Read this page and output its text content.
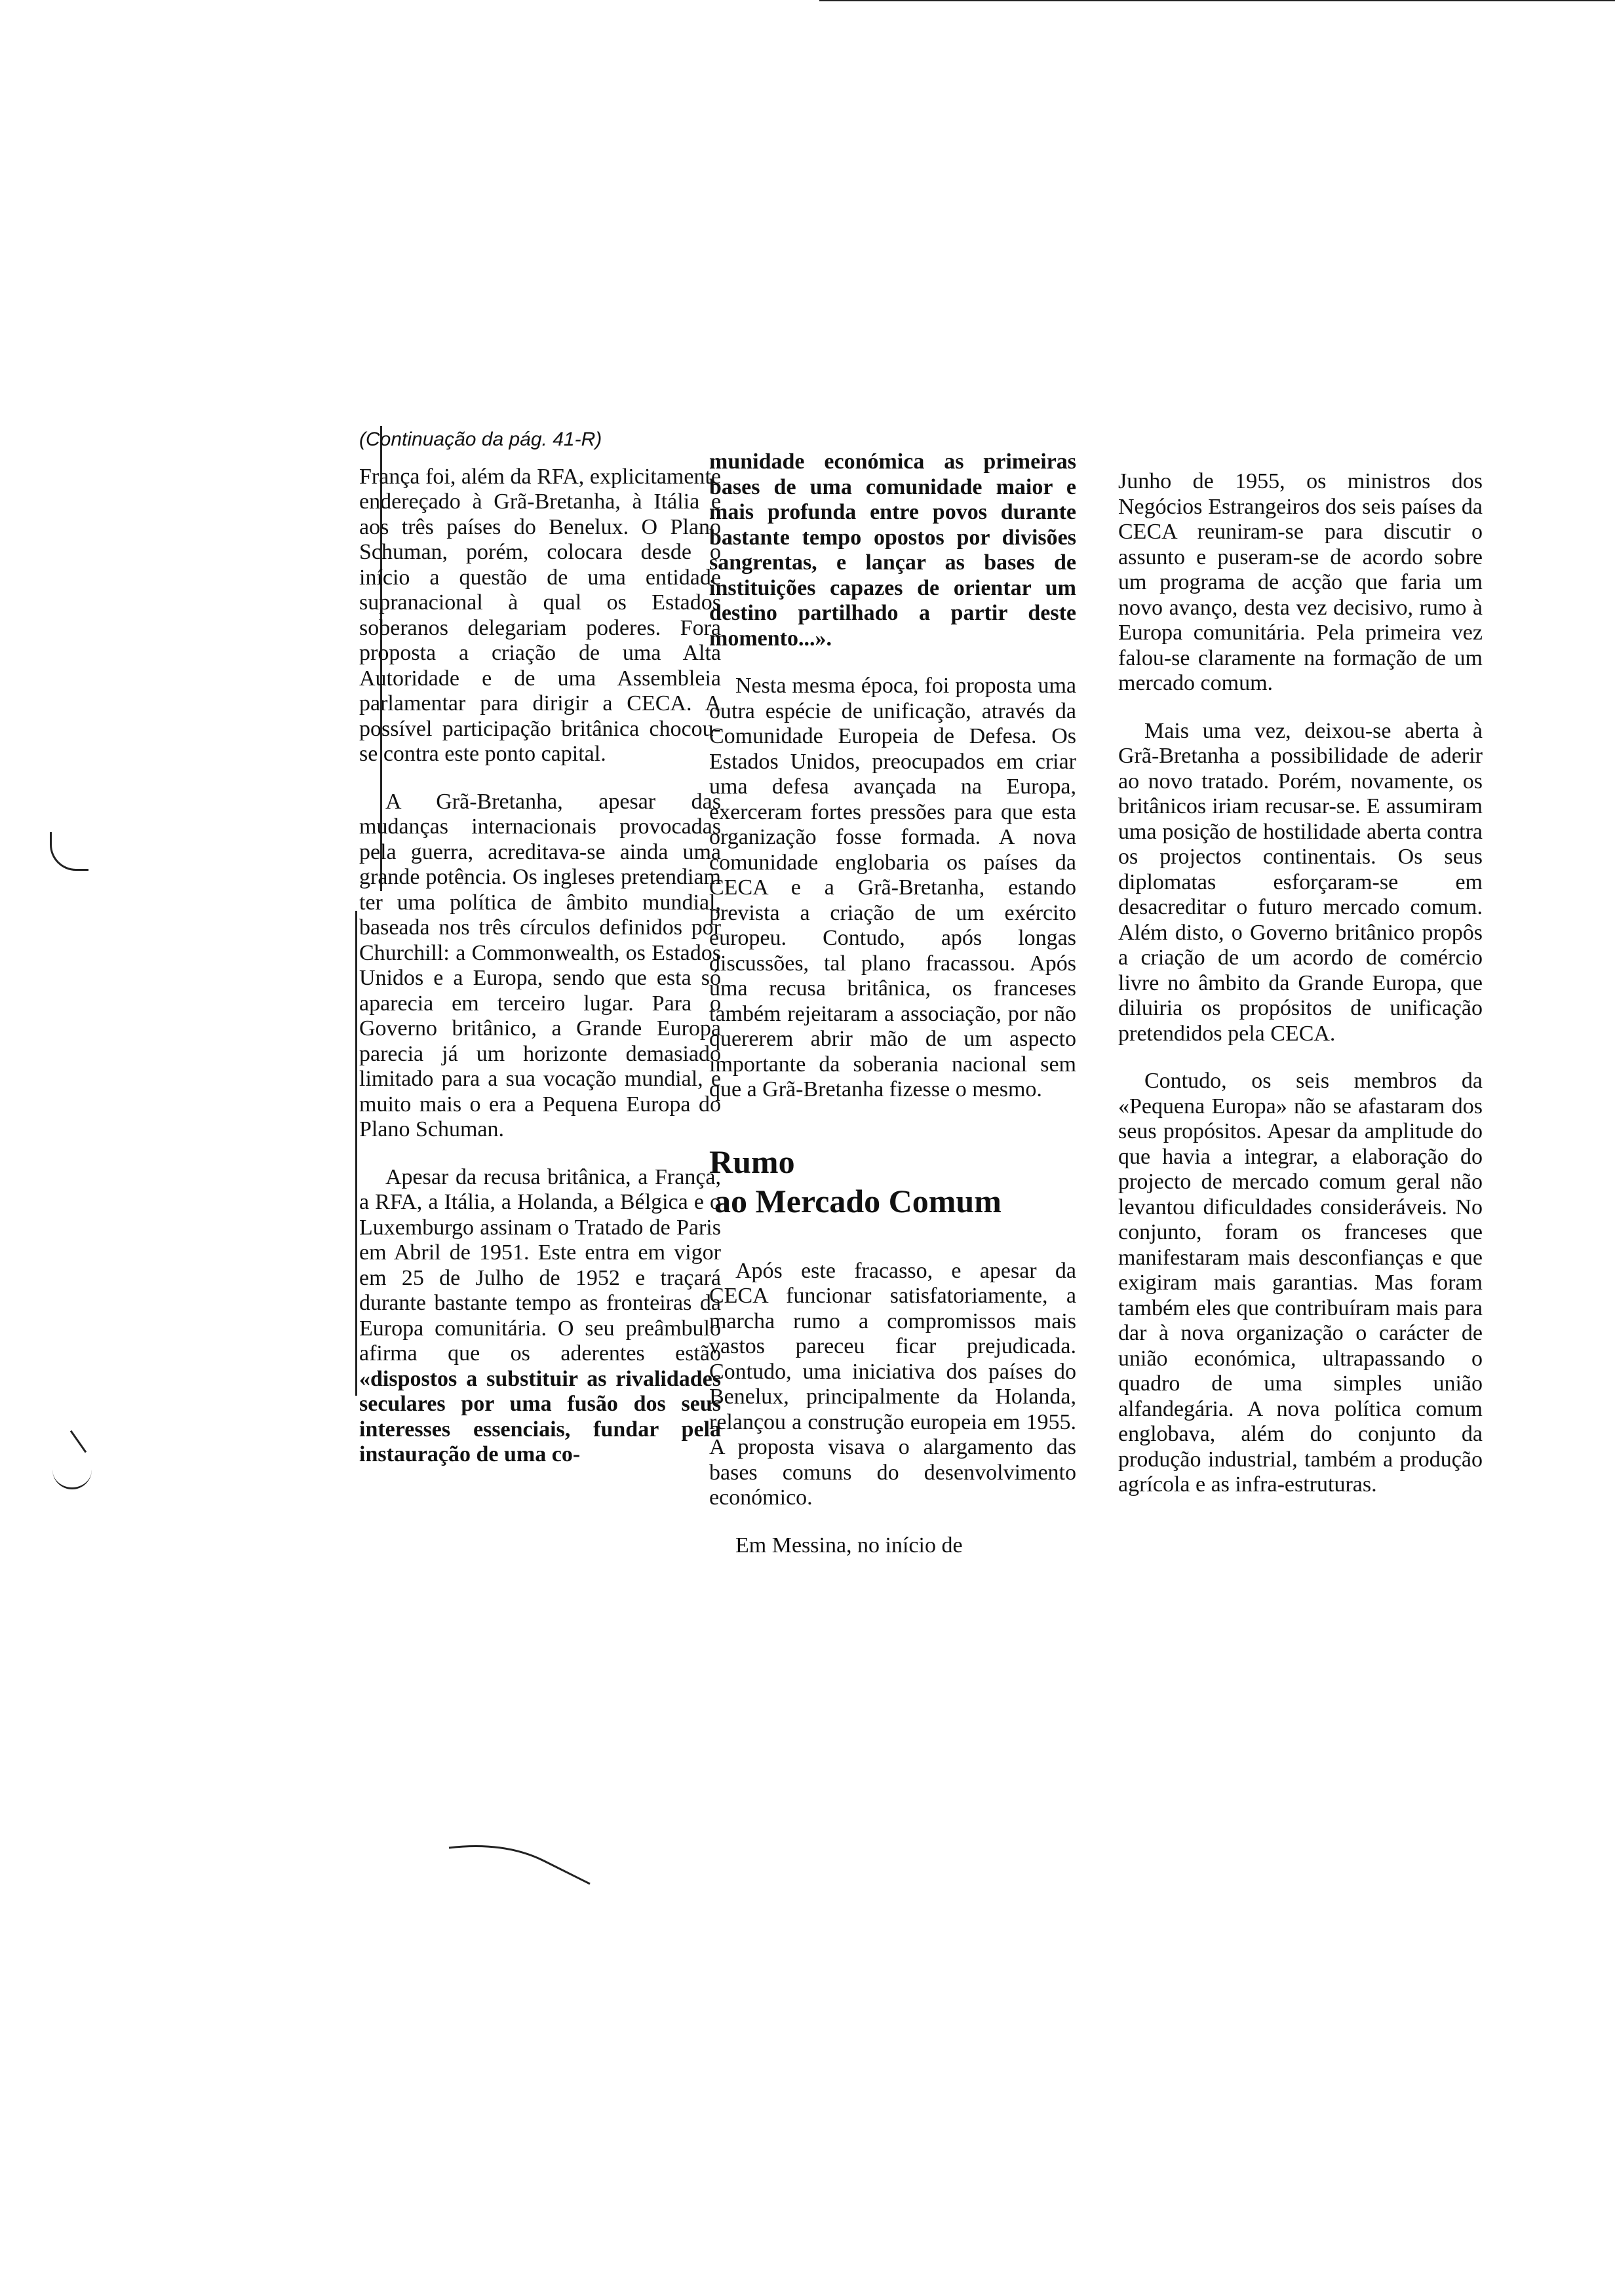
(Continuação da pág. 41-R)

França foi, além da RFA, explicitamente endereçado à Grã-Bretanha, à Itália e aos três países do Benelux. O Plano Schuman, porém, colocara desde o início a questão de uma entidade supranacional à qual os Estados soberanos delegariam poderes. Fora proposta a criação de uma Alta Autoridade e de uma Assembleia parlamentar para dirigir a CECA. A possível participação britânica chocou-se contra este ponto capital.

A Grã-Bretanha, apesar das mudanças internacionais provocadas pela guerra, acreditava-se ainda uma grande potência. Os ingleses pretendiam ter uma política de âmbito mundial, baseada nos três círculos definidos por Churchill: a Commonwealth, os Estados Unidos e a Europa, sendo que esta só aparecia em terceiro lugar. Para o Governo britânico, a Grande Europa parecia já um horizonte demasiado limitado para a sua vocação mundial, e muito mais o era a Pequena Europa do Plano Schuman.

Apesar da recusa britânica, a França, a RFA, a Itália, a Holanda, a Bélgica e o Luxemburgo assinam o Tratado de Paris em Abril de 1951. Este entra em vigor em 25 de Julho de 1952 e traçará durante bastante tempo as fronteiras da Europa comunitária. O seu preâmbulo afirma que os aderentes estão «dispostos a substituir as rivalidades seculares por uma fusão dos seus interesses essenciais, fundar pela instauração de uma co-

munidade económica as primeiras bases de uma comunidade maior e mais profunda entre povos durante bastante tempo opostos por divisões sangrentas, e lançar as bases de instituições capazes de orientar um destino partilhado a partir deste momento...».

Nesta mesma época, foi proposta uma outra espécie de unificação, através da Comunidade Europeia de Defesa. Os Estados Unidos, preocupados em criar uma defesa avançada na Europa, exerceram fortes pressões para que esta organização fosse formada. A nova comunidade englobaria os países da CECA e a Grã-Bretanha, estando prevista a criação de um exército europeu. Contudo, após longas discussões, tal plano fracassou. Após uma recusa britânica, os franceses também rejeitaram a associação, por não quererem abrir mão de um aspecto importante da soberania nacional sem que a Grã-Bretanha fizesse o mesmo.

Rumo
ao Mercado Comum

Após este fracasso, e apesar da CECA funcionar satisfatoriamente, a marcha rumo a compromissos mais vastos pareceu ficar prejudicada. Contudo, uma iniciativa dos países do Benelux, principalmente da Holanda, relançou a construção europeia em 1955. A proposta visava o alargamento das bases comuns do desenvolvimento económico.

Em Messina, no início de

Junho de 1955, os ministros dos Negócios Estrangeiros dos seis países da CECA reuniram-se para discutir o assunto e puseram-se de acordo sobre um programa de acção que faria um novo avanço, desta vez decisivo, rumo à Europa comunitária. Pela primeira vez falou-se claramente na formação de um mercado comum.

Mais uma vez, deixou-se aberta à Grã-Bretanha a possibilidade de aderir ao novo tratado. Porém, novamente, os britânicos iriam recusar-se. E assumiram uma posição de hostilidade aberta contra os projectos continentais. Os seus diplomatas esforçaram-se em desacreditar o futuro mercado comum. Além disto, o Governo britânico propôs a criação de um acordo de comércio livre no âmbito da Grande Europa, que diluiria os propósitos de unificação pretendidos pela CECA.

Contudo, os seis membros da «Pequena Europa» não se afastaram dos seus propósitos. Apesar da amplitude do que havia a integrar, a elaboração do projecto de mercado comum geral não levantou dificuldades consideráveis. No conjunto, foram os franceses que manifestaram mais desconfianças e que exigiram mais garantias. Mas foram também eles que contribuíram mais para dar à nova organização o carácter de união económica, ultrapassando o quadro de uma simples união alfandegária. A nova política comum englobava, além do conjunto da produção industrial, também a produção agrícola e as infra-estruturas.
